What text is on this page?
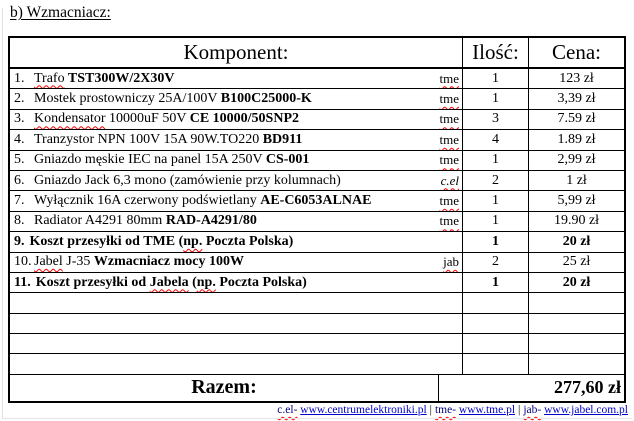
b) Wzmacniacz:
Komponent:	Ilość:	Cena:
1. Trafo TST300W/2X30V	tme	1	123 zł
2. Mostek prostowniczy 25A/100V B100C25000-K	tme	1	3,39 zł
3. Kondensator 10000uF 50V CE 10000/50SNP2	tme	3	7.59 zł
4. Tranzystor NPN 100V 15A 90W.TO220 BD911	tme	4	1.89 zł
5. Gniazdo męskie IEC na panel 15A 250V CS-001	tme	1	2,99 zł
6. Gniazdo Jack 6,3 mono (zamówienie przy kolumnach)	c.el	2	1 zł
7. Wyłącznik 16A czerwony podświetlany AE-C6053ALNAE	tme	1	5,99 zł
8. Radiator A4291 80mm RAD-A4291/80	tme	1	19.90 zł
9. Koszt przesyłki od TME (np. Poczta Polska)	1	20 zł
10. Jabel J-35 Wzmacniacz mocy 100W	jab	2	25 zł
11. Koszt przesyłki od Jabela (np. Poczta Polska)	1	20 zł
Razem:	277,60 zł
c.el- www.centrumelektroniki.pl | tme- www.tme.pl | jab- www.jabel.com.pl
